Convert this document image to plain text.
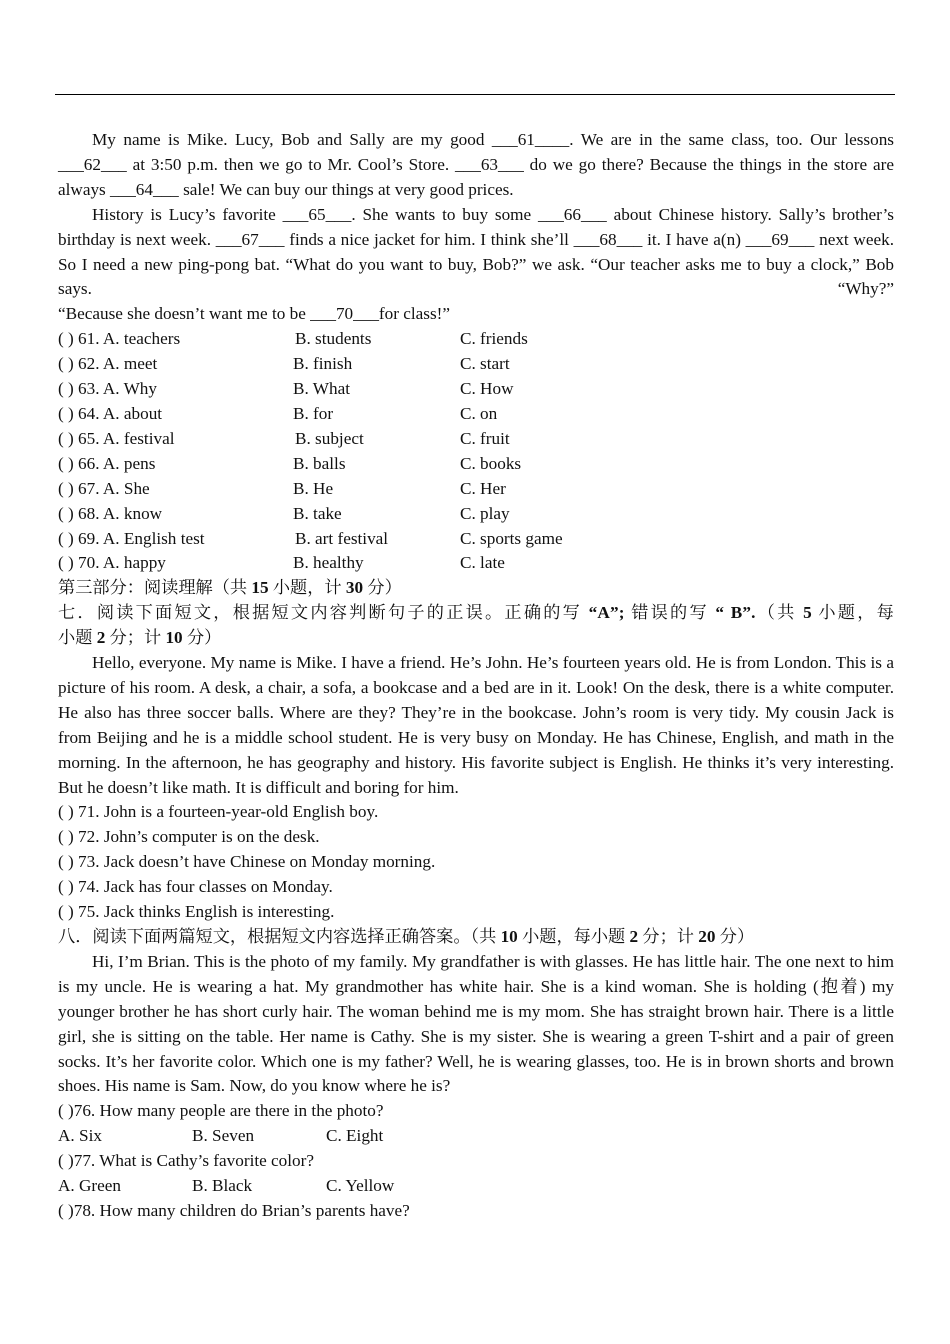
My name is Mike. Lucy, Bob and Sally are my good ___61____. We are in the same class, too. Our lessons ___62___ at 3:50 p.m. then we go to Mr. Cool’s Store. ___63___ do we go there? Because the things in the store are always ___64___ sale! We can buy our things at very good prices.

History is Lucy’s favorite ___65___. She wants to buy some ___66___ about Chinese history. Sally’s brother’s birthday is next week. ___67___ finds a nice jacket for him. I think she’ll ___68___ it. I have a(n) ___69___ next week. So I need a new ping-pong bat. “What do you want to buy, Bob?” we ask. “Our teacher asks me to buy a clock,” Bob says. “Why?”

“Because she doesn’t want me to be ___70___for class!”

( ) 61. A. teachers	B. students	C. friends
( ) 62. A. meet	B. finish	C. start
( ) 63. A. Why	B. What	C. How
( ) 64. A. about	B. for	C. on
( ) 65. A. festival	B. subject	C. fruit
( ) 66. A. pens	B. balls	C. books
( ) 67. A. She	B. He	C. Her
( ) 68. A. know	B. take	C. play
( ) 69. A. English test	B. art festival	C. sports game
( ) 70. A. happy	B. healthy	C. late

第三部分：阅读理解（共 15 小题，计 30 分）

七．阅读下面短文，根据短文内容判断句子的正误。正确的写 “A”; 错误的写 “ B”.（共 5 小题，每

小题 2 分；计 10 分）

Hello, everyone. My name is Mike. I have a friend. He’s John. He’s fourteen years old. He is from London. This is a picture of his room. A desk, a chair, a sofa, a bookcase and a bed are in it. Look! On the desk, there is a white computer. He also has three soccer balls. Where are they? They’re in the bookcase. John’s room is very tidy. My cousin Jack is from Beijing and he is a middle school student. He is very busy on Monday. He has Chinese, English, and math in the morning. In the afternoon, he has geography and history. His favorite subject is English. He thinks it’s very interesting. But he doesn’t like math. It is difficult and boring for him.

( ) 71. John is a fourteen-year-old English boy.

( ) 72. John’s computer is on the desk.

( ) 73. Jack doesn’t have Chinese on Monday morning.

( ) 74. Jack has four classes on Monday.

( ) 75. Jack thinks English is interesting.

八．阅读下面两篇短文，根据短文内容选择正确答案。（共 10 小题，每小题 2 分；计 20 分）

Hi, I’m Brian. This is the photo of my family. My grandfather is with glasses. He has little hair. The one next to him is my uncle. He is wearing a hat. My grandmother has white hair. She is a kind woman. She is holding (抱着) my younger brother he has short curly hair. The woman behind me is my mom. She has straight brown hair. There is a little girl, she is sitting on the table. Her name is Cathy. She is my sister. She is wearing a green T-shirt and a pair of green socks. It’s her favorite color. Which one is my father? Well, he is wearing glasses, too. He is in brown shorts and brown shoes. His name is Sam. Now, do you know where he is?

( )76. How many people are there in the photo?

A. Six	B. Seven	C. Eight

( )77. What is Cathy’s favorite color?

A. Green	B. Black	C. Yellow

( )78. How many children do Brian’s parents have?
